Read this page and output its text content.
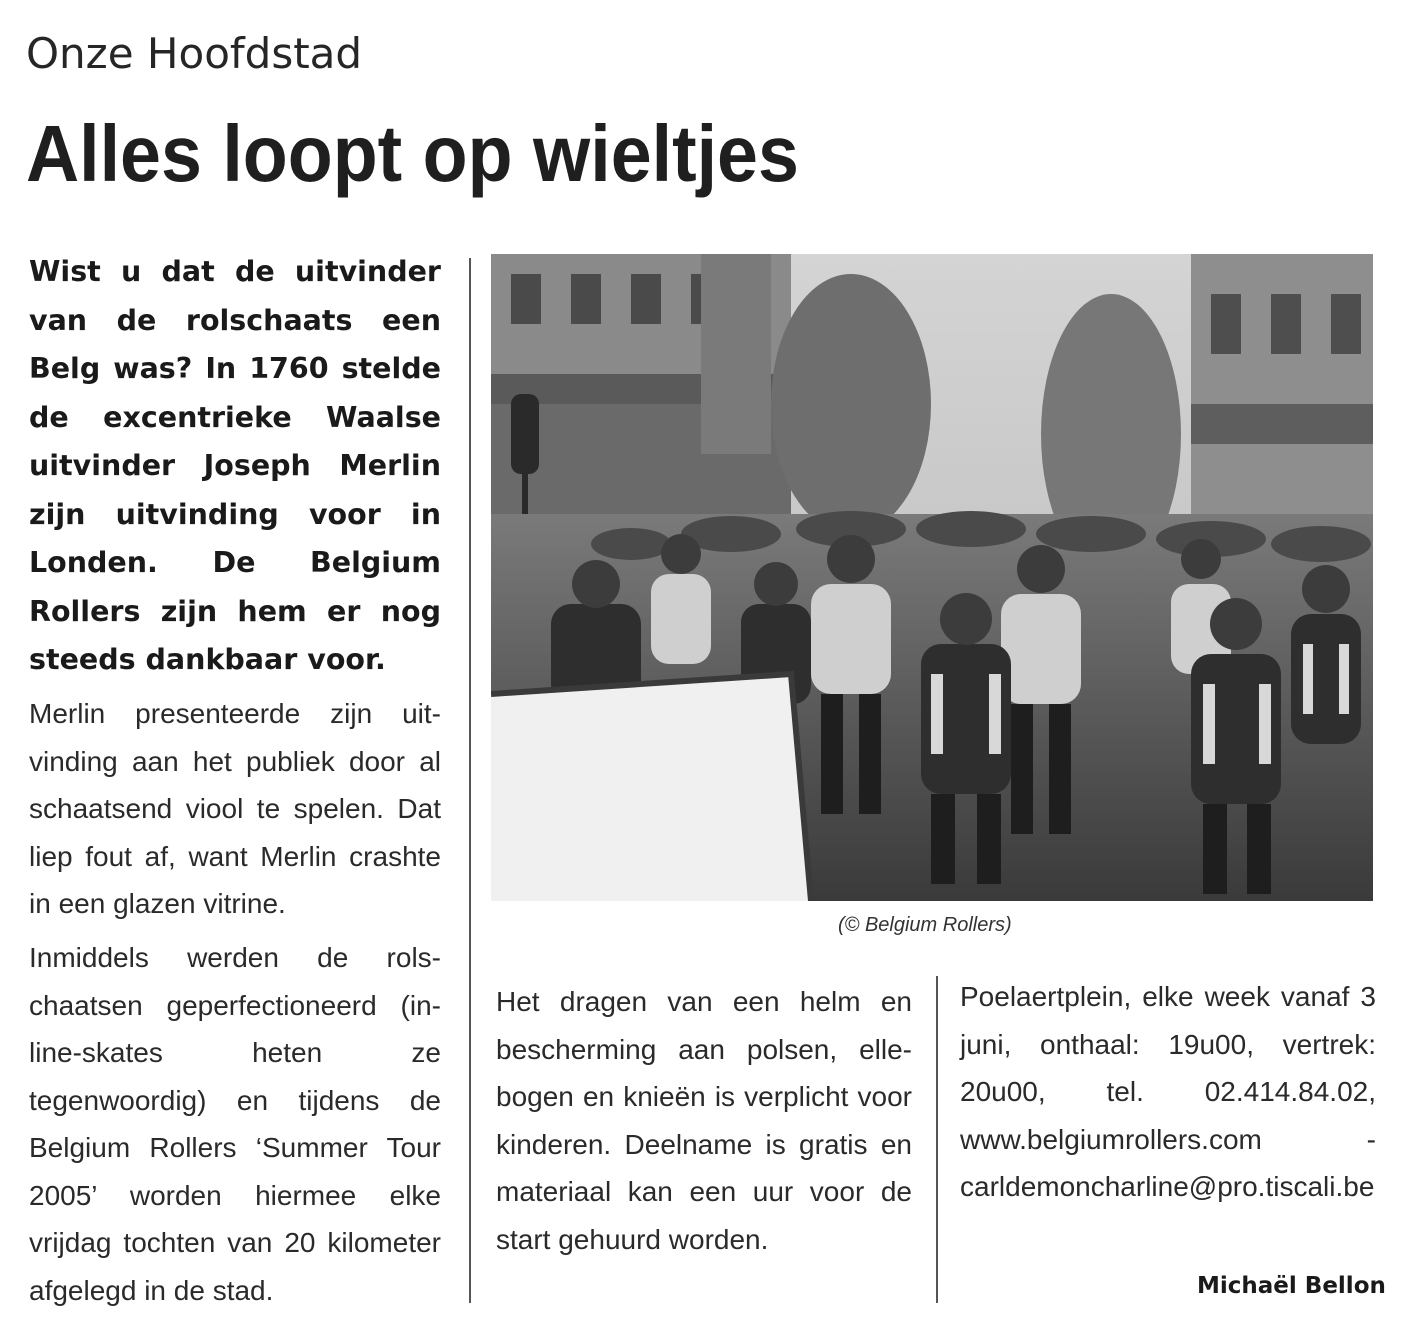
Onze Hoofdstad
Alles loopt op wieltjes

Wist u dat de uitvinder van de rolschaats een Belg was? In 1760 stelde de excentrieke Waalse uitvinder Joseph Merlin zijn uitvinding voor in Londen. De Belgium Rollers zijn hem er nog steeds dankbaar voor.

Merlin presenteerde zijn uitvinding aan het publiek door al schaatsend viool te spelen. Dat liep fout af, want Merlin crashte in een glazen vitrine.

Inmiddels werden de rolschaatsen geperfectioneerd (in-line-skates heten ze tegenwoordig) en tijdens de Belgium Rollers ‘Summer Tour 2005’ worden hiermee elke vrijdag tochten van 20 kilometer afgelegd in de stad.

Het dragen van een helm en bescherming aan polsen, ellebogen en knieën is verplicht voor kinderen. Deelname is gratis en materiaal kan een uur voor de start gehuurd worden.

Poelaertplein, elke week vanaf 3 juni, onthaal: 19u00, vertrek: 20u00, tel. 02.414.84.02, www.belgiumrollers.com - carldemoncharline@pro.tiscali.be

(© Belgium Rollers)
Michaël Bellon
